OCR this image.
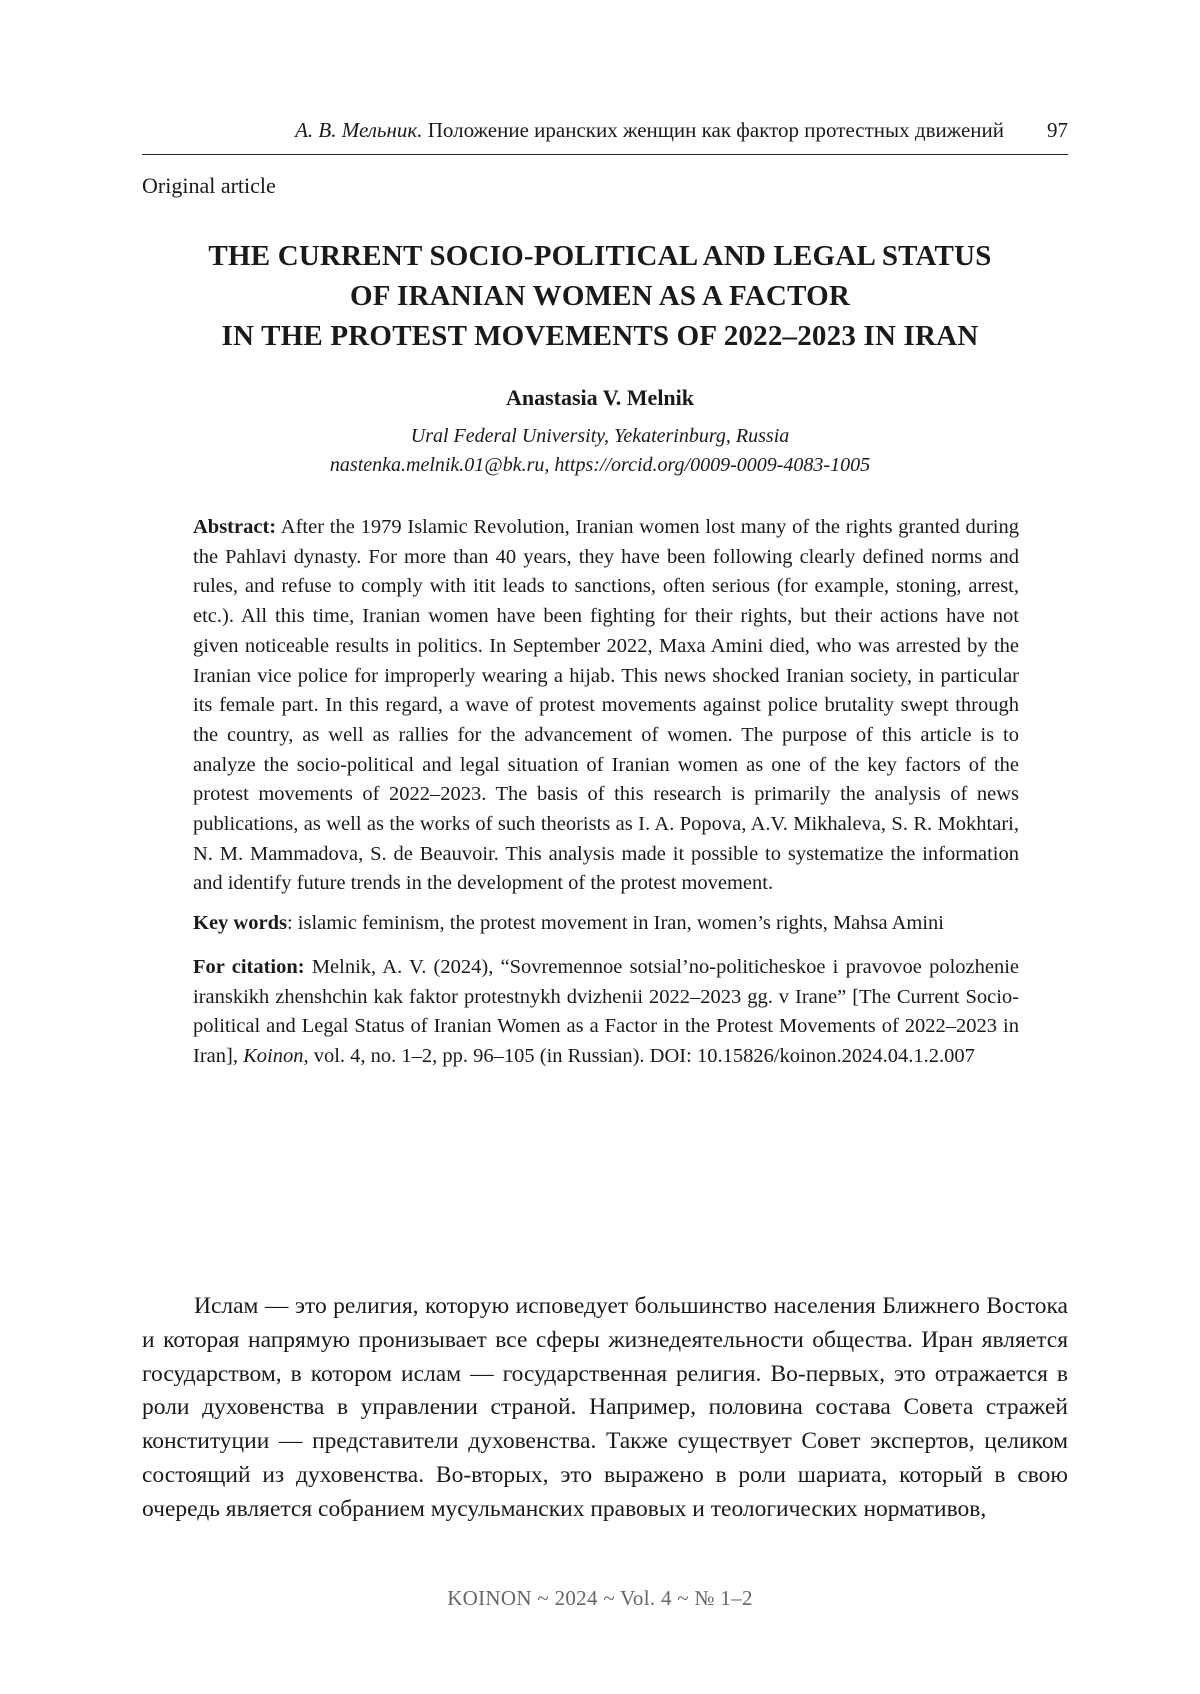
А. В. Мельник. Положение иранских женщин как фактор протестных движений 97
Original article
THE CURRENT SOCIO-POLITICAL AND LEGAL STATUS
OF IRANIAN WOMEN AS A FACTOR
IN THE PROTEST MOVEMENTS OF 2022–2023 IN IRAN
Anastasia V. Melnik
Ural Federal University, Yekaterinburg, Russia
nastenka.melnik.01@bk.ru, https://orcid.org/0009-0009-4083-1005

Abstract: After the 1979 Islamic Revolution, Iranian women lost many of the rights granted during the Pahlavi dynasty. For more than 40 years, they have been following clearly defined norms and rules, and refuse to comply with itit leads to sanctions, often serious (for example, stoning, arrest, etc.). All this time, Iranian women have been fighting for their rights, but their actions have not given noticeable results in politics. In September 2022, Maxa Amini died, who was arrested by the Iranian vice police for improperly wearing a hijab. This news shocked Iranian society, in particular its female part. In this regard, a wave of protest movements against police brutality swept through the country, as well as rallies for the advancement of women. The purpose of this article is to analyze the socio-political and legal situation of Iranian women as one of the key factors of the protest movements of 2022–2023. The basis of this research is primarily the analysis of news publications, as well as the works of such theorists as I. A. Popova, A.V. Mikhaleva, S. R. Mokhtari, N. M. Mammadova, S. de Beauvoir. This analysis made it possible to systematize the information and identify future trends in the development of the protest movement.

Key words: islamic feminism, the protest movement in Iran, women’s rights, Mahsa Amini

For citation: Melnik, A. V. (2024), “Sovremennoe sotsial’no-politicheskoe i pravovoe polozhenie iranskikh zhenshchin kak faktor protestnykh dvizhenii 2022–2023 gg. v Irane” [The Current Socio-political and Legal Status of Iranian Women as a Factor in the Protest Movements of 2022–2023 in Iran], Koinon, vol. 4, no. 1–2, pp. 96–105 (in Russian). DOI: 10.15826/koinon.2024.04.1.2.007

Ислам — это религия, которую исповедует большинство населения Ближнего Востока и которая напрямую пронизывает все сферы жизнедеятельности общества. Иран является государством, в котором ислам — государственная религия. Во-первых, это отражается в роли духовенства в управлении страной. Например, половина состава Совета стражей конституции — представители духовенства. Также существует Совет экспертов, целиком состоящий из духовенства. Во-вторых, это выражено в роли шариата, который в свою очередь является собранием мусульманских правовых и теологических нормативов,

KOINON ~ 2024 ~ Vol. 4 ~ № 1–2
